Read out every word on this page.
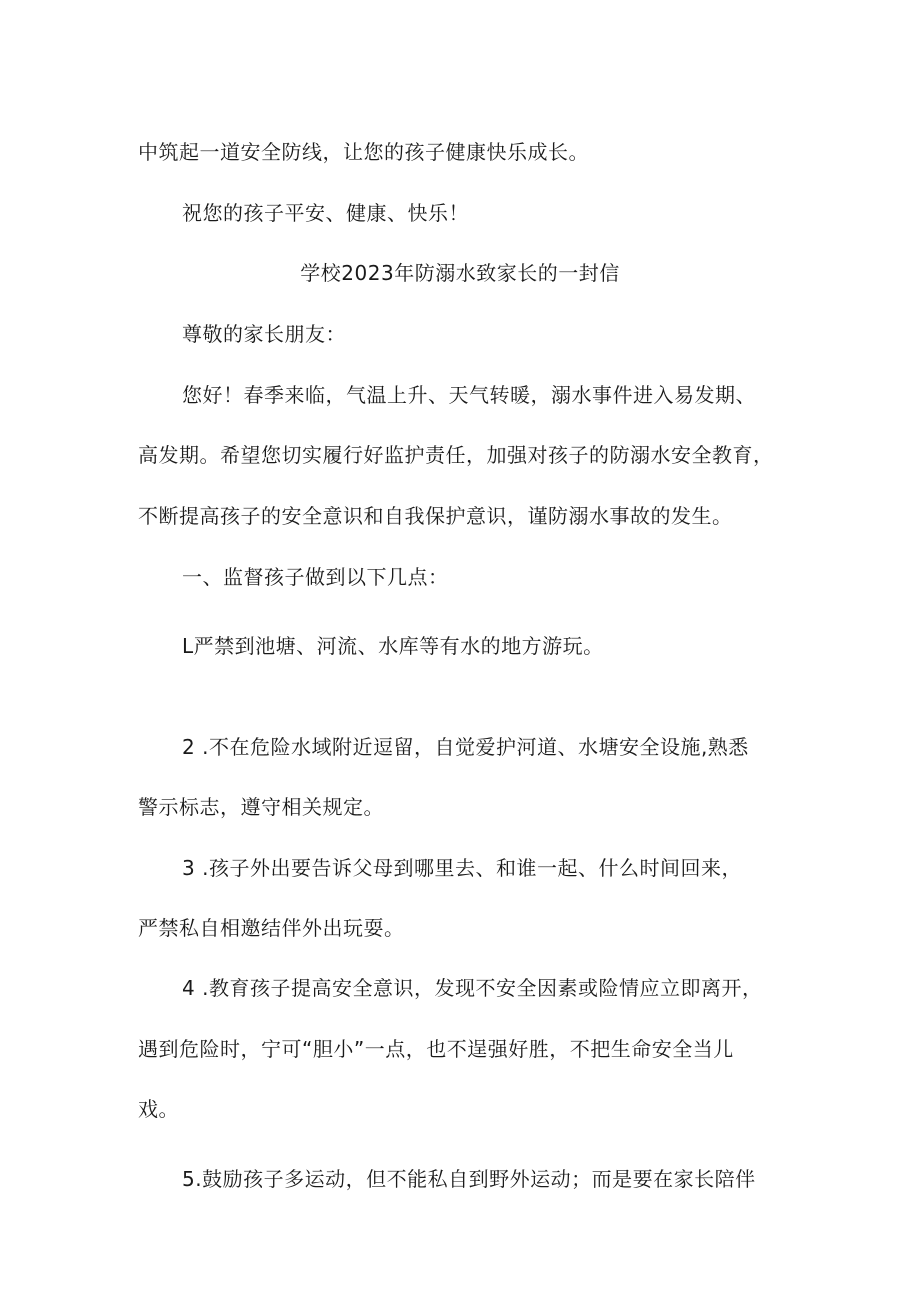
中筑起一道安全防线，让您的孩子健康快乐成长。
祝您的孩子平安、健康、快乐！
学校2023年防溺水致家长的一封信
尊敬的家长朋友：
您好！春季来临，气温上升、天气转暖，溺水事件进入易发期、
高发期。希望您切实履行好监护责任，加强对孩子的防溺水安全教育，
不断提高孩子的安全意识和自我保护意识，谨防溺水事故的发生。
一、监督孩子做到以下几点：
L严禁到池塘、河流、水库等有水的地方游玩。
2 .不在危险水域附近逗留，自觉爱护河道、水塘安全设施,熟悉
警示标志，遵守相关规定。
3 .孩子外出要告诉父母到哪里去、和谁一起、什么时间回来，
严禁私自相邀结伴外出玩耍。
4 .教育孩子提高安全意识，发现不安全因素或险情应立即离开，
遇到危险时，宁可“胆小”一点，也不逞强好胜，不把生命安全当儿
戏。
5.鼓励孩子多运动，但不能私自到野外运动；而是要在家长陪伴
